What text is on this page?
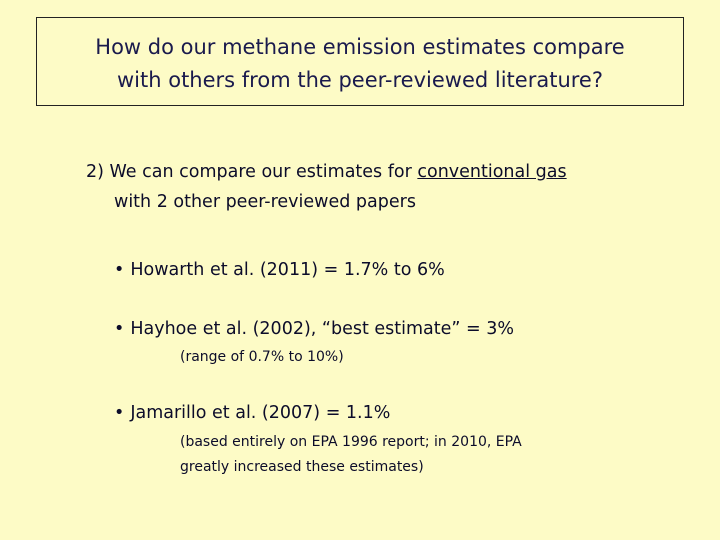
How do our methane emission estimates compare
with others from the peer-reviewed literature?
2) We can compare our estimates for conventional gas
with 2 other peer-reviewed papers
• Howarth et al. (2011) = 1.7% to 6%
• Hayhoe et al. (2002), “best estimate” = 3%
(range of 0.7% to 10%)
• Jamarillo et al. (2007) = 1.1%
(based entirely on EPA 1996 report; in 2010, EPA
greatly increased these estimates)
